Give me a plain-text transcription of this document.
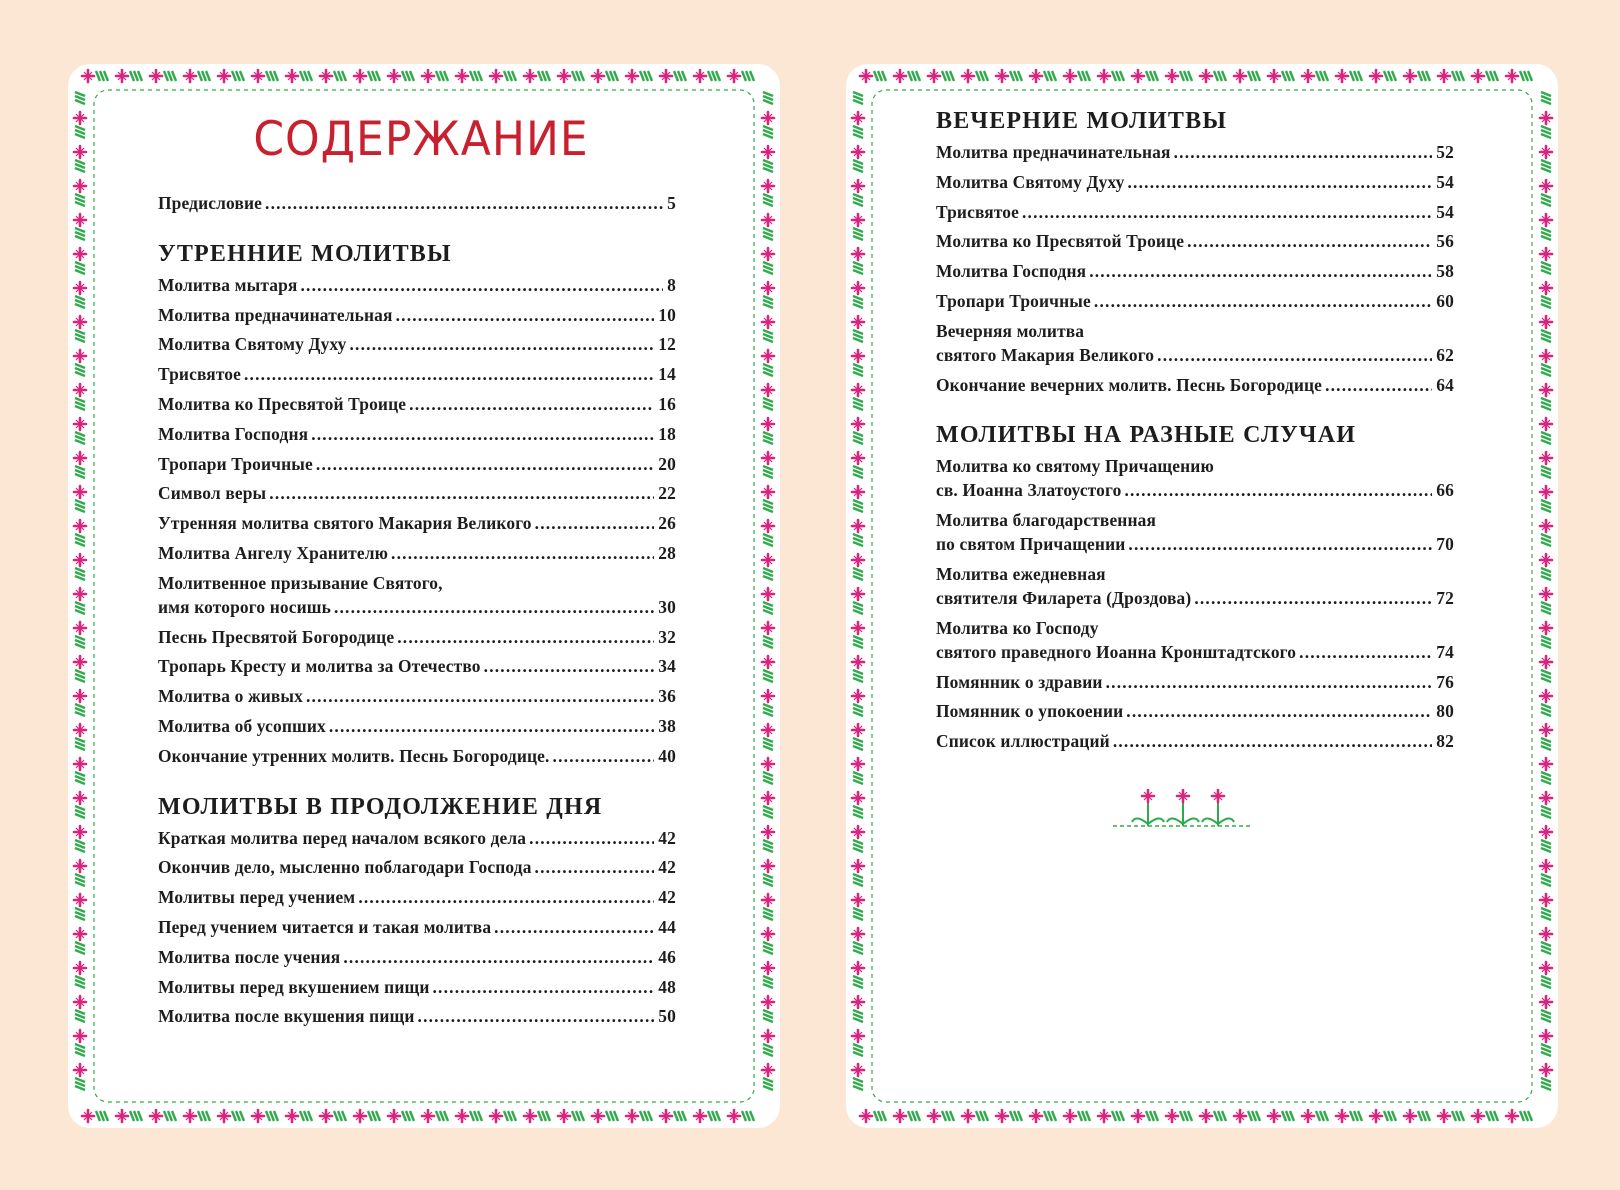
СОДЕРЖАНИЕ
Предисловие .....	5
УТРЕННИЕ МОЛИТВЫ
Молитва мытаря .....	8
Молитва предначинательная .....	10
Молитва Святому Духу .....	12
Трисвятое .....	14
Молитва ко Пресвятой Троице .....	16
Молитва Господня .....	18
Тропари Троичные .....	20
Символ веры .....	22
Утренняя молитва святого Макария Великого .....	26
Молитва Ангелу Хранителю .....	28
Молитвенное призывание Святого,
имя которого носишь .....	30
Песнь Пресвятой Богородице .....	32
Тропарь Кресту и молитва за Отечество .....	34
Молитва о живых .....	36
Молитва об усопших .....	38
Окончание утренних молитв. Песнь Богородице. .....	40
МОЛИТВЫ В ПРОДОЛЖЕНИЕ ДНЯ
Краткая молитва перед началом всякого дела .....	42
Окончив дело, мысленно поблагодари Господа .....	42
Молитвы перед учением .....	42
Перед учением читается и такая молитва .....	44
Молитва после учения .....	46
Молитвы перед вкушением пищи .....	48
Молитва после вкушения пищи .....	50
ВЕЧЕРНИЕ МОЛИТВЫ
Молитва предначинательная .....	52
Молитва Святому Духу .....	54
Трисвятое .....	54
Молитва ко Пресвятой Троице .....	56
Молитва Господня .....	58
Тропари Троичные .....	60
Вечерняя молитва
святого Макария Великого .....	62
Окончание вечерних молитв. Песнь Богородице .....	64
МОЛИТВЫ НА РАЗНЫЕ СЛУЧАИ
Молитва ко святому Причащению
св. Иоанна Златоустого .....	66
Молитва благодарственная
по святом Причащении .....	70
Молитва ежедневная
святителя Филарета (Дроздова) .....	72
Молитва ко Господу
святого праведного Иоанна Кронштадтского .....	74
Помянник о здравии .....	76
Помянник о упокоении .....	80
Список иллюстраций .....	82
